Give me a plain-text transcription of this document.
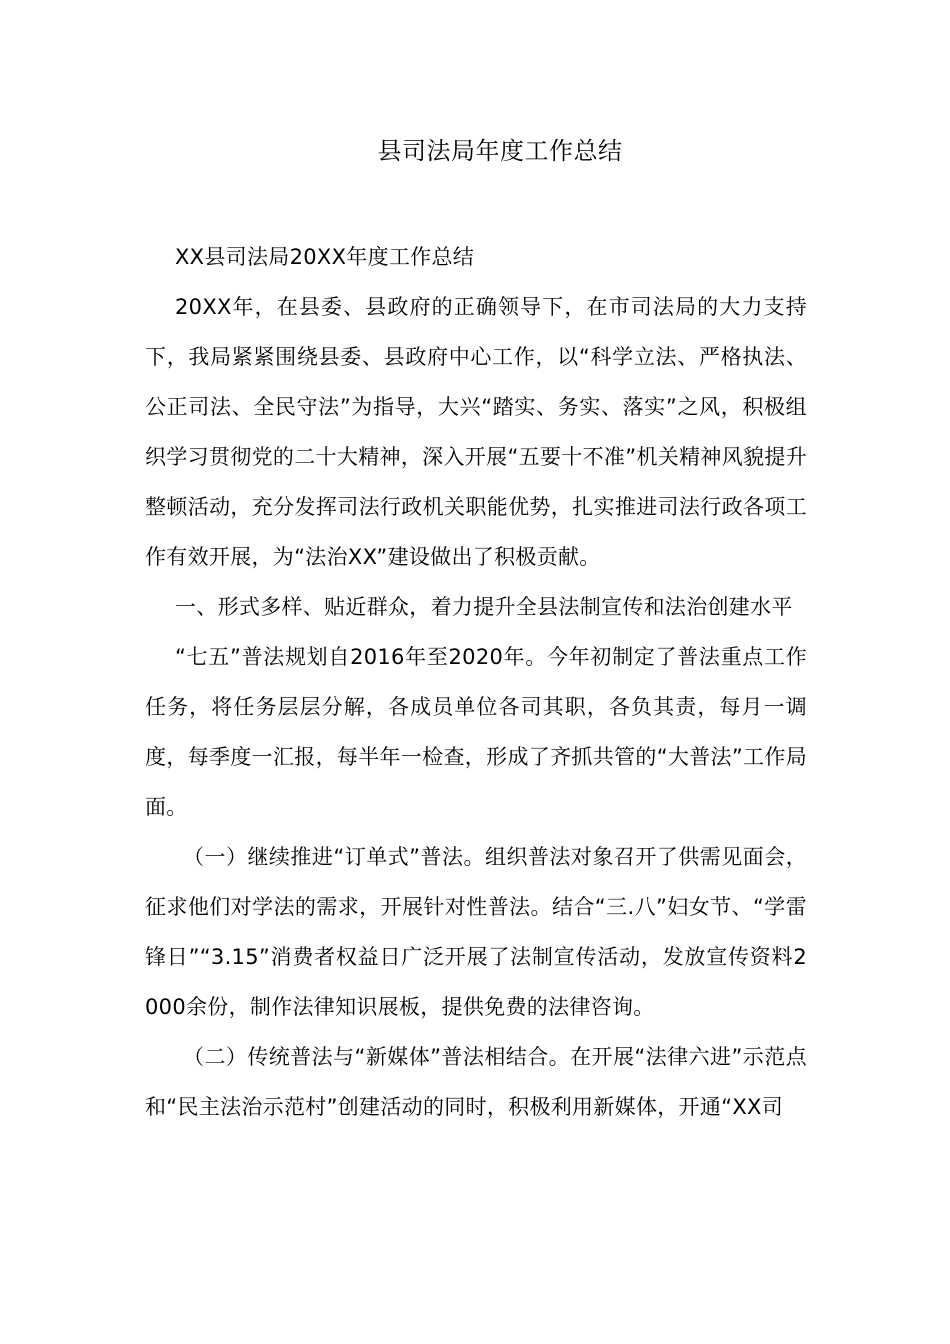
县司法局年度工作总结

XX县司法局20XX年度工作总结

20XX年，在县委、县政府的正确领导下，在市司法局的大力支持下，我局紧紧围绕县委、县政府中心工作，以“科学立法、严格执法、公正司法、全民守法”为指导，大兴“踏实、务实、落实”之风，积极组织学习贯彻党的二十大精神，深入开展“五要十不准”机关精神风貌提升整顿活动，充分发挥司法行政机关职能优势，扎实推进司法行政各项工作有效开展，为“法治XX”建设做出了积极贡献。

一、形式多样、贴近群众，着力提升全县法制宣传和法治创建水平

“七五”普法规划自2016年至2020年。今年初制定了普法重点工作任务，将任务层层分解，各成员单位各司其职，各负其责，每月一调度，每季度一汇报，每半年一检查，形成了齐抓共管的“大普法”工作局面。

（一）继续推进“订单式”普法。组织普法对象召开了供需见面会，征求他们对学法的需求，开展针对性普法。结合“三.八”妇女节、“学雷锋日”“3.15”消费者权益日广泛开展了法制宣传活动，发放宣传资料2000余份，制作法律知识展板，提供免费的法律咨询。

（二）传统普法与“新媒体”普法相结合。在开展“法律六进”示范点和“民主法治示范村”创建活动的同时，积极利用新媒体，开通“XX司
